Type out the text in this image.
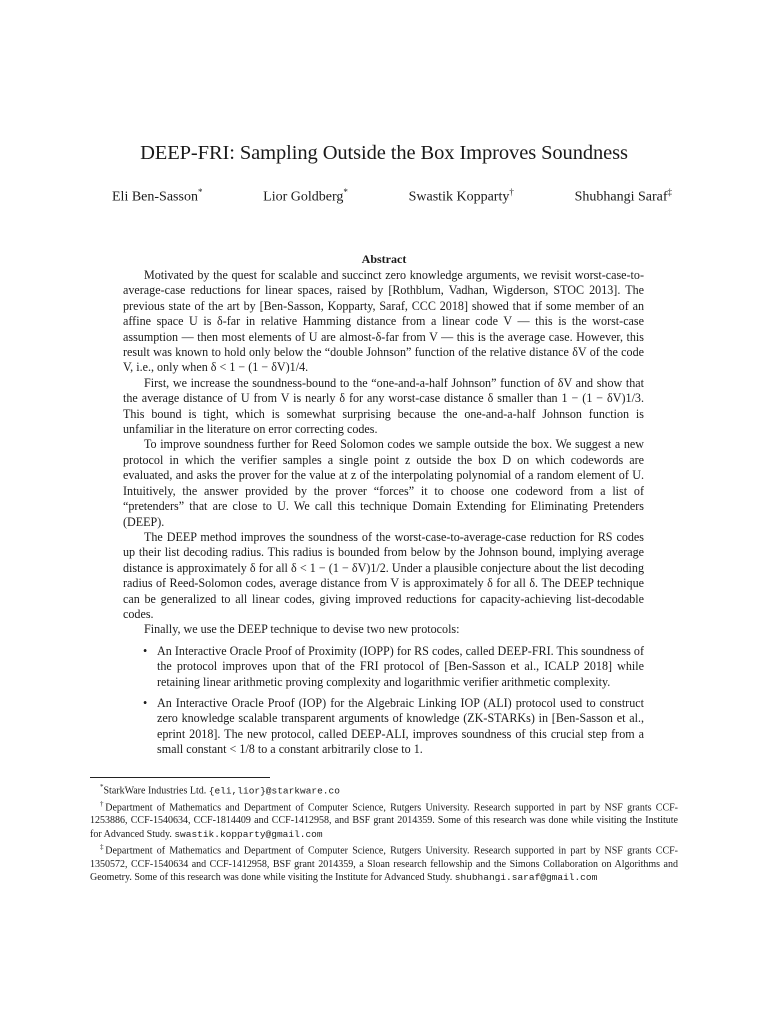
DEEP-FRI: Sampling Outside the Box Improves Soundness
Eli Ben-Sasson*	Lior Goldberg*	Swastik Kopparty†	Shubhangi Saraf‡
Abstract

Motivated by the quest for scalable and succinct zero knowledge arguments, we revisit worst-case-to-average-case reductions for linear spaces, raised by [Rothblum, Vadhan, Wigderson, STOC 2013]. The previous state of the art by [Ben-Sasson, Kopparty, Saraf, CCC 2018] showed that if some member of an affine space U is δ-far in relative Hamming distance from a linear code V — this is the worst-case assumption — then most elements of U are almost-δ-far from V — this is the average case. However, this result was known to hold only below the “double Johnson” function of the relative distance δV of the code V, i.e., only when δ < 1 − (1 − δV)1/4.

First, we increase the soundness-bound to the “one-and-a-half Johnson” function of δV and show that the average distance of U from V is nearly δ for any worst-case distance δ smaller than 1 − (1 − δV)1/3. This bound is tight, which is somewhat surprising because the one-and-a-half Johnson function is unfamiliar in the literature on error correcting codes.

To improve soundness further for Reed Solomon codes we sample outside the box. We suggest a new protocol in which the verifier samples a single point z outside the box D on which codewords are evaluated, and asks the prover for the value at z of the interpolating polynomial of a random element of U. Intuitively, the answer provided by the prover “forces” it to choose one codeword from a list of “pretenders” that are close to U. We call this technique Domain Extending for Eliminating Pretenders (DEEP).

The DEEP method improves the soundness of the worst-case-to-average-case reduction for RS codes up their list decoding radius. This radius is bounded from below by the Johnson bound, implying average distance is approximately δ for all δ < 1 − (1 − δV)1/2. Under a plausible conjecture about the list decoding radius of Reed-Solomon codes, average distance from V is approximately δ for all δ. The DEEP technique can be generalized to all linear codes, giving improved reductions for capacity-achieving list-decodable codes.

Finally, we use the DEEP technique to devise two new protocols:

• An Interactive Oracle Proof of Proximity (IOPP) for RS codes, called DEEP-FRI. This soundness of the protocol improves upon that of the FRI protocol of [Ben-Sasson et al., ICALP 2018] while retaining linear arithmetic proving complexity and logarithmic verifier arithmetic complexity.
• An Interactive Oracle Proof (IOP) for the Algebraic Linking IOP (ALI) protocol used to construct zero knowledge scalable transparent arguments of knowledge (ZK-STARKs) in [Ben-Sasson et al., eprint 2018]. The new protocol, called DEEP-ALI, improves soundness of this crucial step from a small constant < 1/8 to a constant arbitrarily close to 1.

*StarkWare Industries Ltd. {eli,lior}@starkware.co

†Department of Mathematics and Department of Computer Science, Rutgers University. Research supported in part by NSF grants CCF-1253886, CCF-1540634, CCF-1814409 and CCF-1412958, and BSF grant 2014359. Some of this research was done while visiting the Institute for Advanced Study. swastik.kopparty@gmail.com

‡Department of Mathematics and Department of Computer Science, Rutgers University. Research supported in part by NSF grants CCF-1350572, CCF-1540634 and CCF-1412958, BSF grant 2014359, a Sloan research fellowship and the Simons Collaboration on Algorithms and Geometry. Some of this research was done while visiting the Institute for Advanced Study. shubhangi.saraf@gmail.com
